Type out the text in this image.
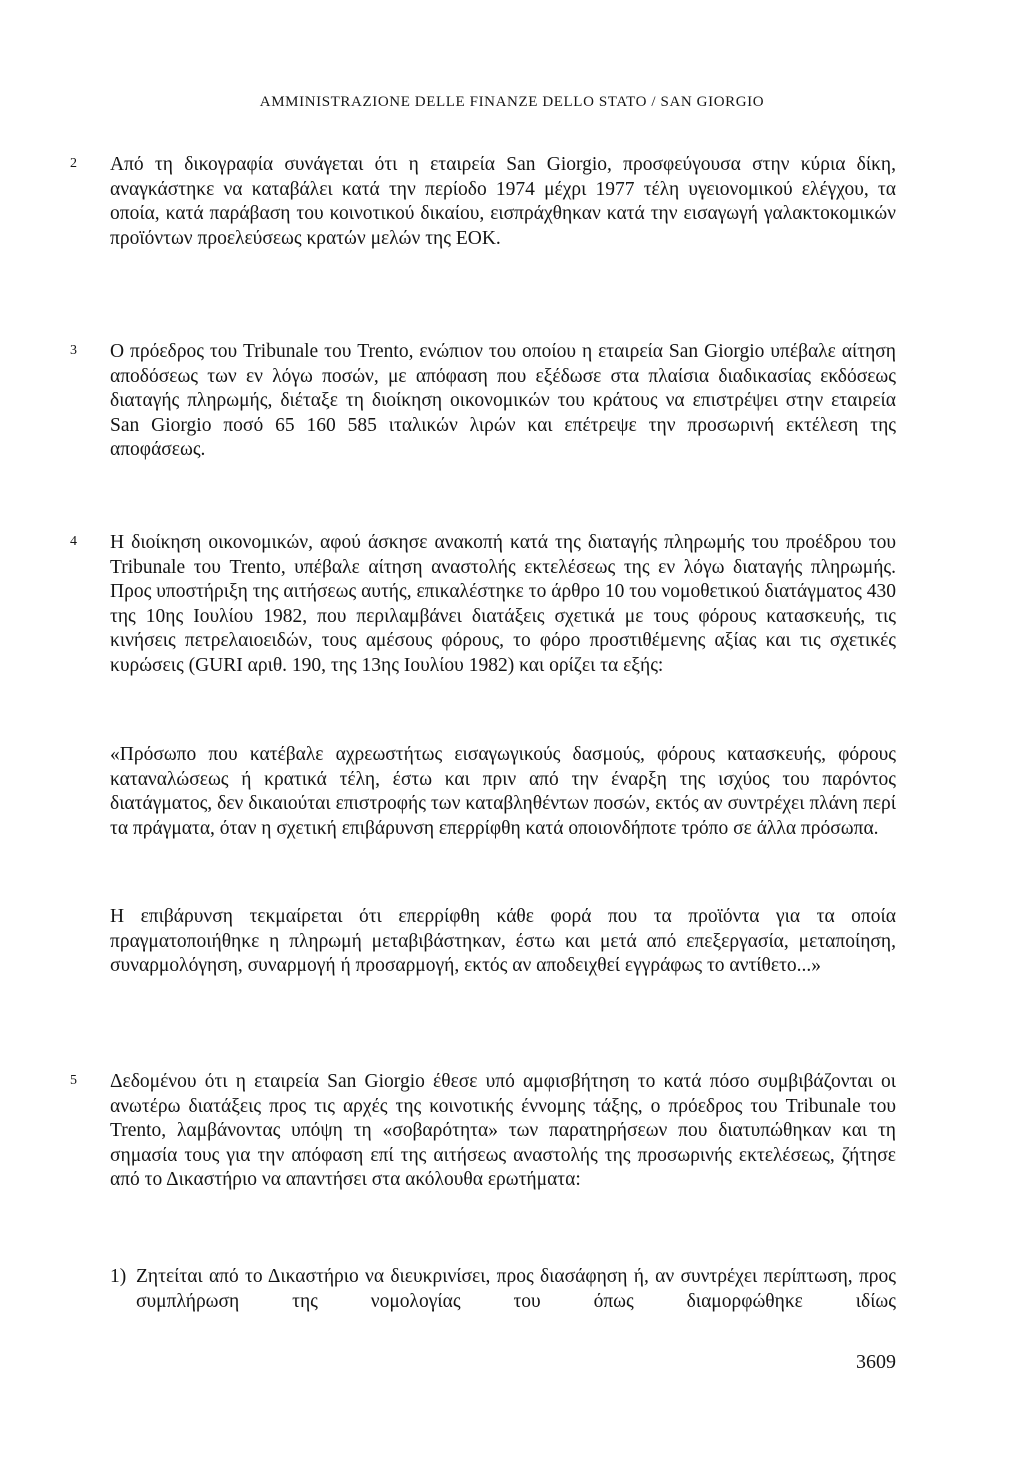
AMMINISTRAZIONE DELLE FINANZE DELLO STATO / SAN GIORGIO
2	Από τη δικογραφία συνάγεται ότι η εταιρεία San Giorgio, προσφεύγουσα στην κύρια δίκη, αναγκάστηκε να καταβάλει κατά την περίοδο 1974 μέχρι 1977 τέλη υγειονομικού ελέγχου, τα οποία, κατά παράβαση του κοινοτικού δικαίου, εισπράχθηκαν κατά την εισαγωγή γαλακτοκομικών προϊόντων προελεύσεως κρατών μελών της ΕΟΚ.

3	Ο πρόεδρος του Tribunale του Trento, ενώπιον του οποίου η εταιρεία San Giorgio υπέβαλε αίτηση αποδόσεως των εν λόγω ποσών, με απόφαση που εξέδωσε στα πλαίσια διαδικασίας εκδόσεως διαταγής πληρωμής, διέταξε τη διοίκηση οικονομικών του κράτους να επιστρέψει στην εταιρεία San Giorgio ποσό 65 160 585 ιταλικών λιρών και επέτρεψε την προσωρινή εκτέλεση της αποφάσεως.

4	Η διοίκηση οικονομικών, αφού άσκησε ανακοπή κατά της διαταγής πληρωμής του προέδρου του Tribunale του Trento, υπέβαλε αίτηση αναστολής εκτελέσεως της εν λόγω διαταγής πληρωμής. Προς υποστήριξη της αιτήσεως αυτής, επικαλέστηκε το άρθρο 10 του νομοθετικού διατάγματος 430 της 10ης Ιουλίου 1982, που περιλαμβάνει διατάξεις σχετικά με τους φόρους κατασκευής, τις κινήσεις πετρελαιοειδών, τους αμέσους φόρους, το φόρο προστιθέμενης αξίας και τις σχετικές κυρώσεις (GURI αριθ. 190, της 13ης Ιουλίου 1982) και ορίζει τα εξής:

«Πρόσωπο που κατέβαλε αχρεωστήτως εισαγωγικούς δασμούς, φόρους κατασκευής, φόρους καταναλώσεως ή κρατικά τέλη, έστω και πριν από την έναρξη της ισχύος του παρόντος διατάγματος, δεν δικαιούται επιστροφής των καταβληθέντων ποσών, εκτός αν συντρέχει πλάνη περί τα πράγματα, όταν η σχετική επιβάρυνση επερρίφθη κατά οποιονδήποτε τρόπο σε άλλα πρόσωπα.

Η επιβάρυνση τεκμαίρεται ότι επερρίφθη κάθε φορά που τα προϊόντα για τα οποία πραγματοποιήθηκε η πληρωμή μεταβιβάστηκαν, έστω και μετά από επεξεργασία, μεταποίηση, συναρμολόγηση, συναρμογή ή προσαρμογή, εκτός αν αποδειχθεί εγγράφως το αντίθετο...»

5	Δεδομένου ότι η εταιρεία San Giorgio έθεσε υπό αμφισβήτηση το κατά πόσο συμβιβάζονται οι ανωτέρω διατάξεις προς τις αρχές της κοινοτικής έννομης τάξης, ο πρόεδρος του Tribunale του Trento, λαμβάνοντας υπόψη τη «σοβαρότητα» των παρατηρήσεων που διατυπώθηκαν και τη σημασία τους για την απόφαση επί της αιτήσεως αναστολής της προσωρινής εκτελέσεως, ζήτησε από το Δικαστήριο να απαντήσει στα ακόλουθα ερωτήματα:

1) Ζητείται από το Δικαστήριο να διευκρινίσει, προς διασάφηση ή, αν συντρέχει περίπτωση, προς συμπλήρωση της νομολογίας του όπως διαμορφώθηκε ιδίως

3609
